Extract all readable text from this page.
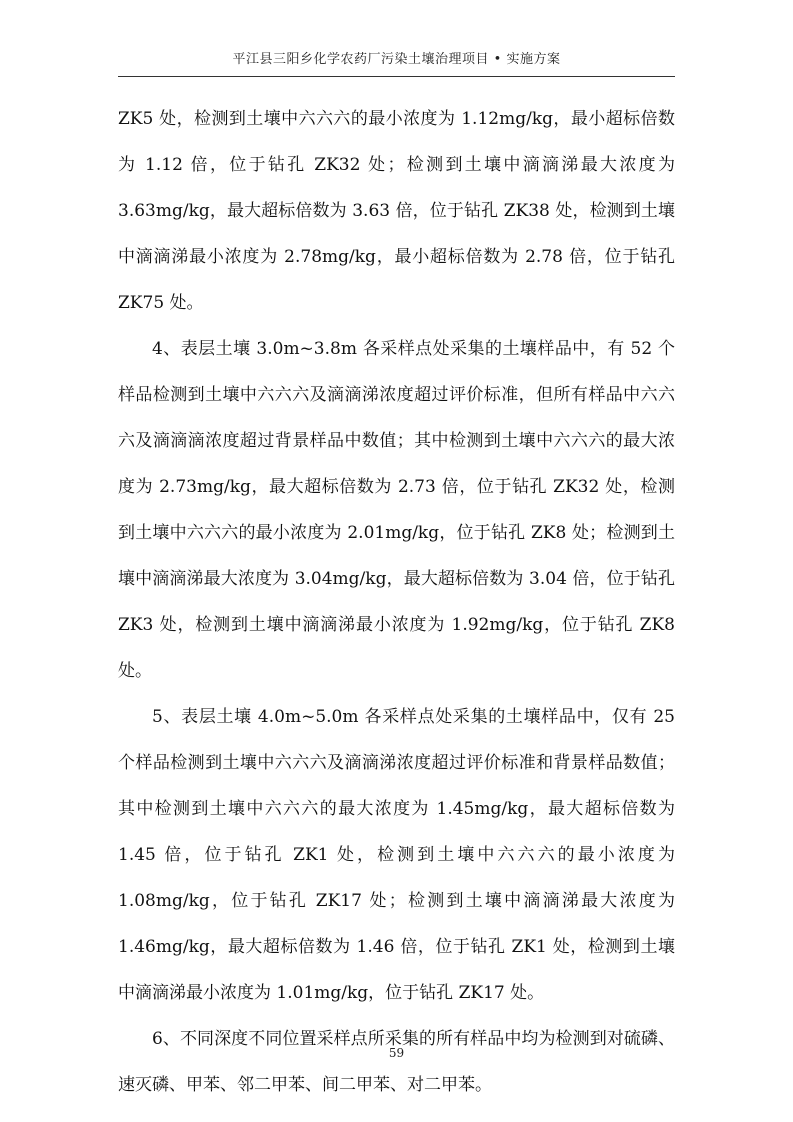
平江县三阳乡化学农药厂污染土壤治理项目 • 实施方案

ZK5 处，检测到土壤中六六六的最小浓度为 1.12mg/kg，最小超标倍数为 1.12 倍，位于钻孔 ZK32 处；检测到土壤中滴滴涕最大浓度为 3.63mg/kg，最大超标倍数为 3.63 倍，位于钻孔 ZK38 处，检测到土壤中滴滴涕最小浓度为 2.78mg/kg，最小超标倍数为 2.78 倍，位于钻孔 ZK75 处。

4、表层土壤 3.0m~3.8m 各采样点处采集的土壤样品中，有 52 个样品检测到土壤中六六六及滴滴涕浓度超过评价标准，但所有样品中六六六及滴滴滴浓度超过背景样品中数值；其中检测到土壤中六六六的最大浓度为 2.73mg/kg，最大超标倍数为 2.73 倍，位于钻孔 ZK32 处，检测到土壤中六六六的最小浓度为 2.01mg/kg，位于钻孔 ZK8 处；检测到土壤中滴滴涕最大浓度为 3.04mg/kg，最大超标倍数为 3.04 倍，位于钻孔 ZK3 处，检测到土壤中滴滴涕最小浓度为 1.92mg/kg，位于钻孔 ZK8 处。

5、表层土壤 4.0m~5.0m 各采样点处采集的土壤样品中，仅有 25 个样品检测到土壤中六六六及滴滴涕浓度超过评价标准和背景样品数值；其中检测到土壤中六六六的最大浓度为 1.45mg/kg，最大超标倍数为 1.45 倍，位于钻孔 ZK1 处，检测到土壤中六六六的最小浓度为 1.08mg/kg，位于钻孔 ZK17 处；检测到土壤中滴滴涕最大浓度为 1.46mg/kg，最大超标倍数为 1.46 倍，位于钻孔 ZK1 处，检测到土壤中滴滴涕最小浓度为 1.01mg/kg，位于钻孔 ZK17 处。

6、不同深度不同位置采样点所采集的所有样品中均为检测到对硫磷、速灭磷、甲苯、邻二甲苯、间二甲苯、对二甲苯。

59
